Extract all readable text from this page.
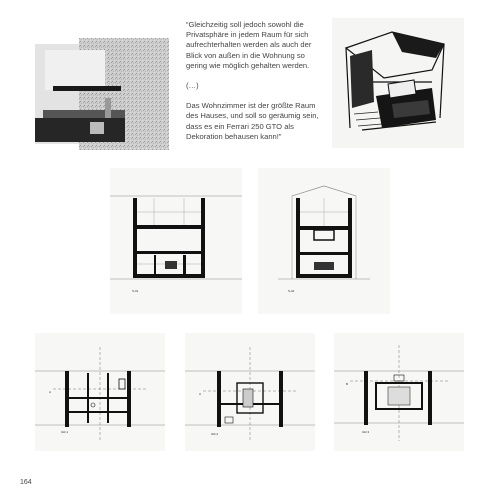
“Gleichzeitig soll jedoch sowohl die Privatsphäre in jedem Raum für sich aufrechterhalten werden als auch der Blick von außen in die Wohnung so gering wie möglich gehalten werden.

(…)

Das Wohnzimmer ist der größte Raum des Hauses, und soll so geräumig sein, dass es ein Ferrari 250 GTO als Dekoration behausen kann!”

S-01	S-02
A
GR-1
A
GR-2
B
GR-3
164
